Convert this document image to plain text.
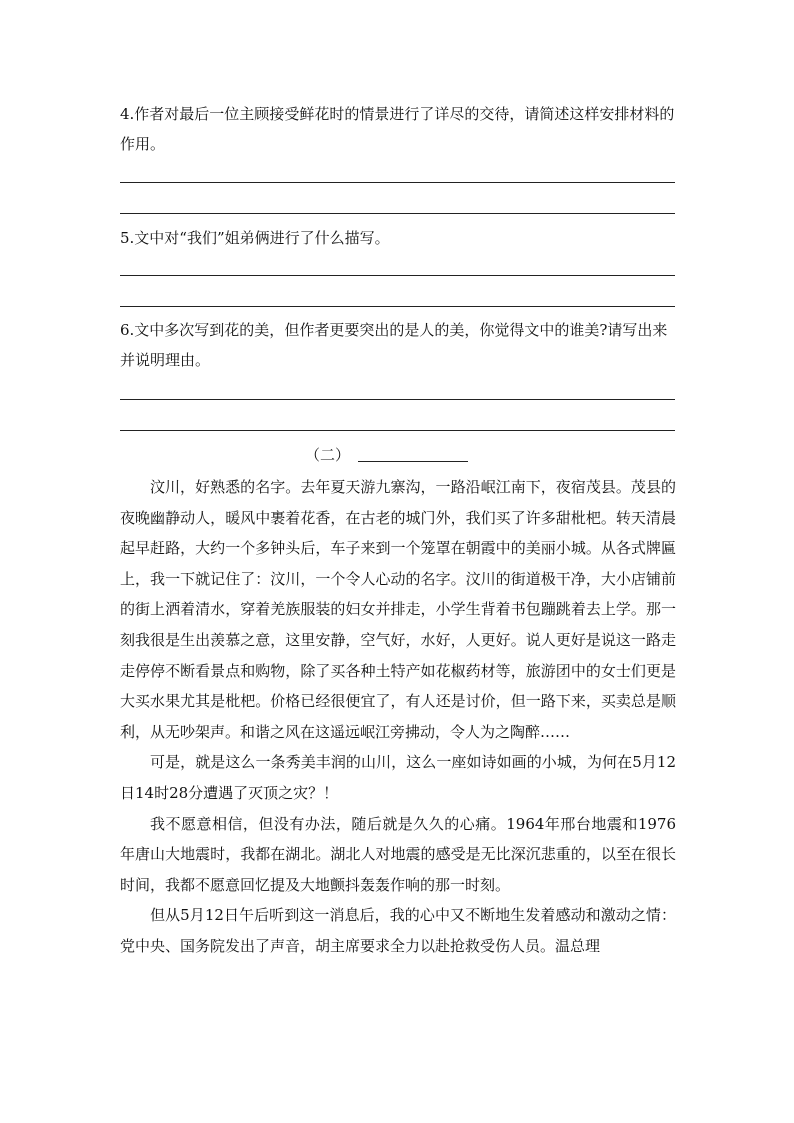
4.作者对最后一位主顾接受鲜花时的情景进行了详尽的交待，请简述这样安排材料的作用。

5.文中对“我们”姐弟俩进行了什么描写。

6.文中多次写到花的美，但作者更要突出的是人的美，你觉得文中的谁美?请写出来并说明理由。

（二）

汶川，好熟悉的名字。去年夏天游九寨沟，一路沿岷江南下，夜宿茂县。茂县的夜晚幽静动人，暖风中裹着花香，在古老的城门外，我们买了许多甜枇杷。转天清晨起早赶路，大约一个多钟头后，车子来到一个笼罩在朝霞中的美丽小城。从各式牌匾上，我一下就记住了：汶川，一个令人心动的名字。汶川的街道极干净，大小店铺前的街上洒着清水，穿着羌族服装的妇女并排走，小学生背着书包蹦跳着去上学。那一刻我很是生出羡慕之意，这里安静，空气好，水好，人更好。说人更好是说这一路走走停停不断看景点和购物，除了买各种土特产如花椒药材等，旅游团中的女士们更是大买水果尤其是枇杷。价格已经很便宜了，有人还是讨价，但一路下来，买卖总是顺利，从无吵架声。和谐之风在这遥远岷江旁拂动，令人为之陶醉……

可是，就是这么一条秀美丰润的山川，这么一座如诗如画的小城，为何在5月12日14时28分遭遇了灭顶之灾？！

我不愿意相信，但没有办法，随后就是久久的心痛。1964年邢台地震和1976年唐山大地震时，我都在湖北。湖北人对地震的感受是无比深沉悲重的，以至在很长时间，我都不愿意回忆提及大地颤抖轰轰作响的那一时刻。

但从5月12日午后听到这一消息后，我的心中又不断地生发着感动和激动之情：党中央、国务院发出了声音，胡主席要求全力以赴抢救受伤人员。温总理
